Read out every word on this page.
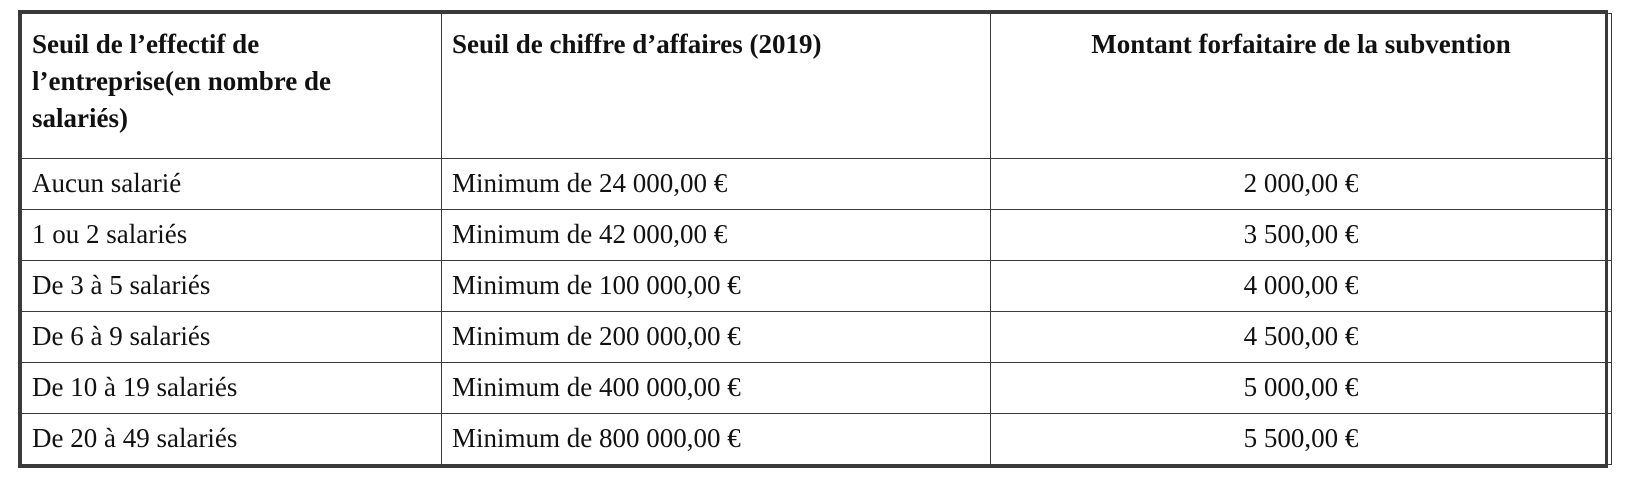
Seuil de l’effectif de l’entreprise(en nombre de salariés)	Seuil de chiffre d’affaires (2019)	Montant forfaitaire de la subvention
Aucun salarié	Minimum de 24 000,00 €	2 000,00 €
1 ou 2 salariés	Minimum de 42 000,00 €	3 500,00 €
De 3 à 5 salariés	Minimum de 100 000,00 €	4 000,00 €
De 6 à 9 salariés	Minimum de 200 000,00 €	4 500,00 €
De 10 à 19 salariés	Minimum de 400 000,00 €	5 000,00 €
De 20 à 49 salariés	Minimum de 800 000,00 €	5 500,00 €
